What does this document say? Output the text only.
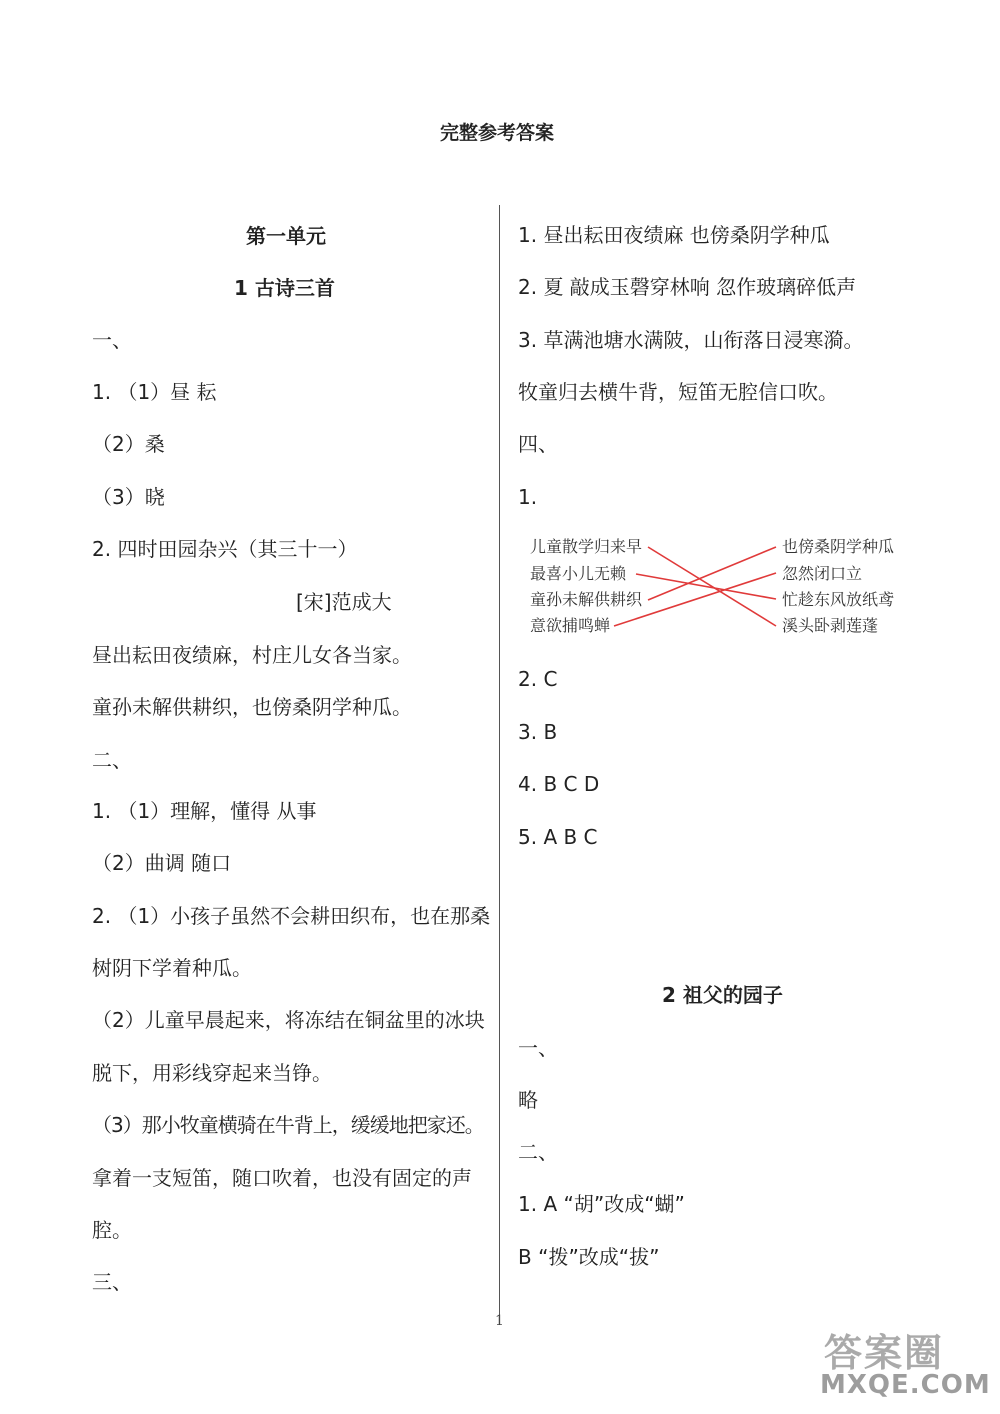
完整参考答案
第一单元
1 古诗三首
一、
1. （1）昼 耘
（2）桑
（3）晓
2. 四时田园杂兴（其三十一）
[宋]范成大
昼出耘田夜绩麻，村庄儿女各当家。
童孙未解供耕织，也傍桑阴学种瓜。
二、
1. （1）理解，懂得 从事
（2）曲调 随口
2. （1）小孩子虽然不会耕田织布，也在那桑
树阴下学着种瓜。
（2）儿童早晨起来，将冻结在铜盆里的冰块
脱下，用彩线穿起来当铮。
（3）那小牧童横骑在牛背上，缓缓地把家还。
拿着一支短笛，随口吹着，也没有固定的声
腔。
三、
1. 昼出耘田夜绩麻 也傍桑阴学种瓜
2. 夏 敲成玉磬穿林响 忽作玻璃碎低声
3. 草满池塘水满陂，山衔落日浸寒漪。
牧童归去横牛背，短笛无腔信口吹。
四、
1.
儿童散学归来早
最喜小儿无赖
童孙未解供耕织
意欲捕鸣蝉
也傍桑阴学种瓜
忽然闭口立
忙趁东风放纸鸢
溪头卧剥莲蓬
2. C
3. B
4. B C D
5. A B C
2 祖父的园子
一、
略
二、
1. A “胡”改成“蝴”
B “拨”改成“拔”
1
答案圈
MXQE.COM
